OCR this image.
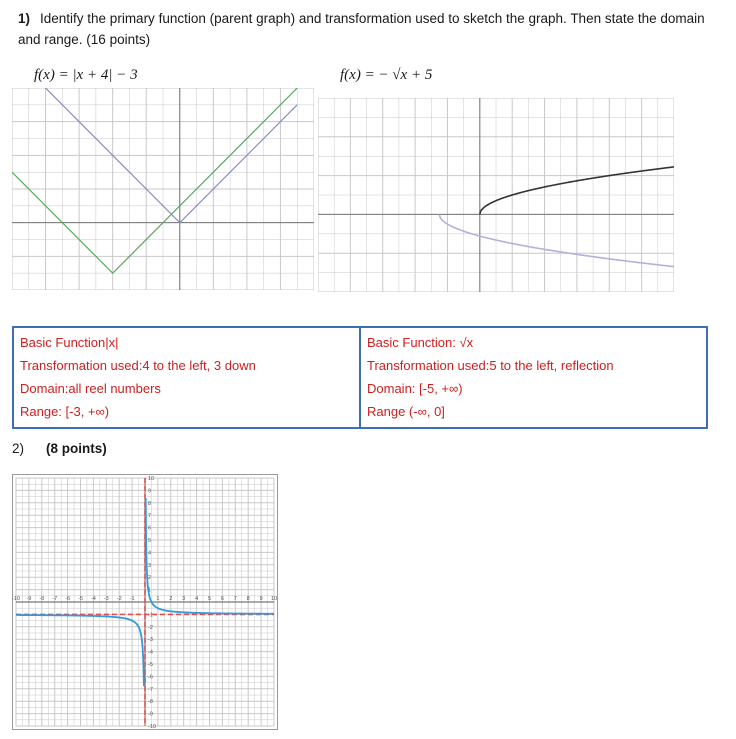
1) Identify the primary function (parent graph) and transformation used to sketch the graph. Then state the domain and range. (16 points)
f(x) = |x + 4| − 3	f(x) = − √x + 5
Basic Function|x|
Transformation used:4 to the left, 3 down
Domain:all reel numbers
Range: [-3, +∞)

Basic Function: √x
Transformation used:5 to the left, reflection
Domain: [-5, +∞)
Range (-∞, 0]
2) (8 points)
-10 -9 -8 -7 -6 -5 -4 -3 -2 -1	1 2 3 4 5 6 7 8 9 10
10
9
8
7
6
5
4
3
2
1
-1
-2
-3
-4
-5
-6
-7
-8
-9
-10
